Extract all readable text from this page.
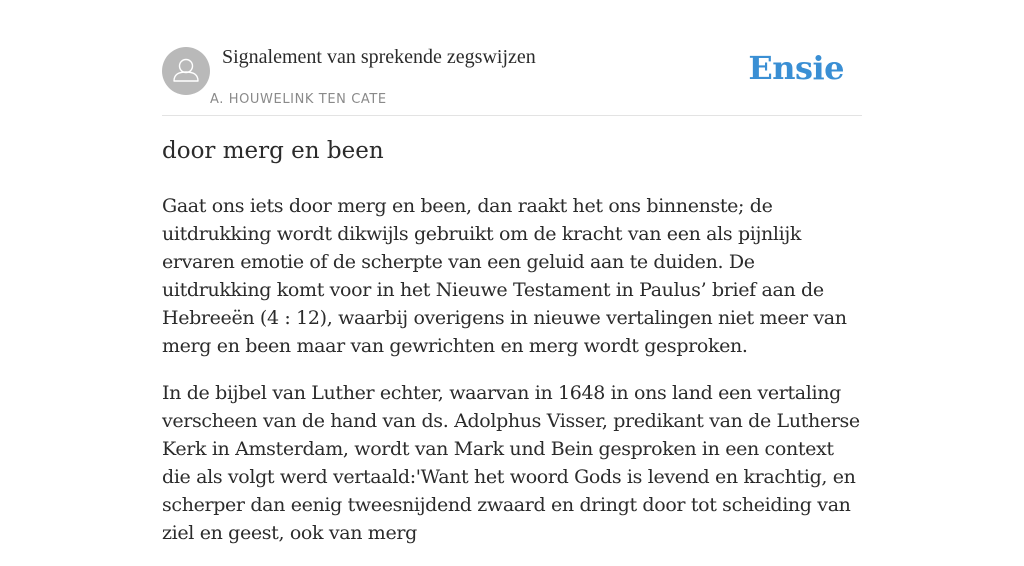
Signalement van sprekende zegswijzen
A. HOUWELINK TEN CATE
Ensie
door merg en been

Gaat ons iets door merg en been, dan raakt het ons binnenste; de uitdrukking wordt dikwijls gebruikt om de kracht van een als pijnlijk ervaren emotie of de scherpte van een geluid aan te duiden. De uitdrukking komt voor in het Nieuwe Testament in Paulus’ brief aan de Hebreeën (4 : 12), waarbij overigens in nieuwe vertalingen niet meer van merg en been maar van gewrichten en merg wordt gesproken.

In de bijbel van Luther echter, waarvan in 1648 in ons land een vertaling verscheen van de hand van ds. Adolphus Visser, predikant van de Lutherse Kerk in Amsterdam, wordt van Mark und Bein gesproken in een context die als volgt werd vertaald:'Want het woord Gods is levend en krachtig, en scherper dan eenig tweesnijdend zwaard en dringt door tot scheiding van ziel en geest, ook van merg
